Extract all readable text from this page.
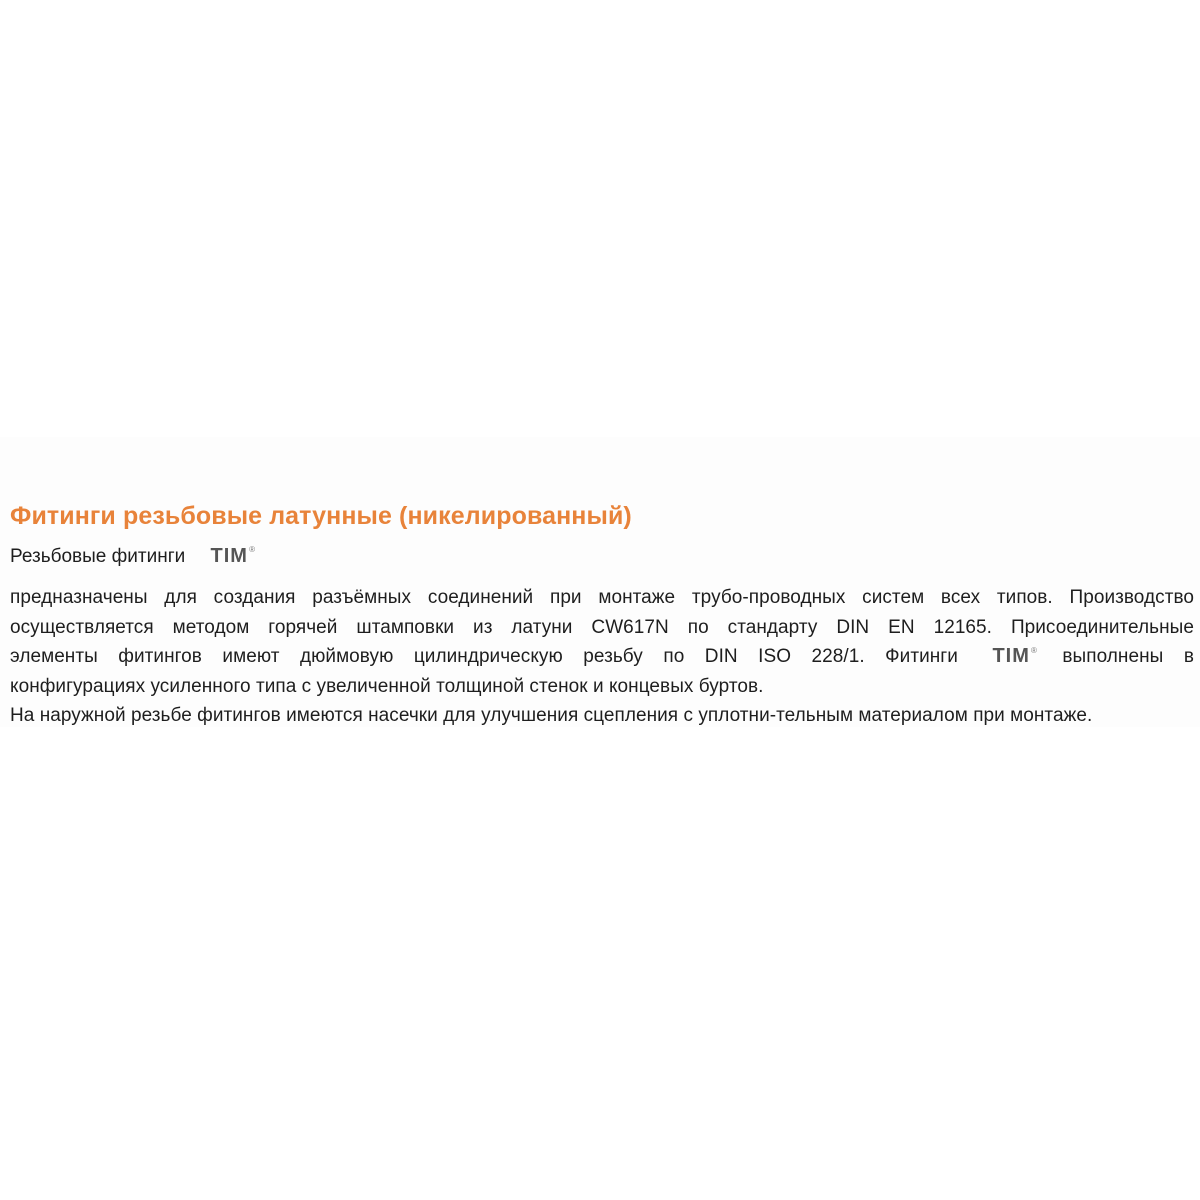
Фитинги резьбовые латунные (никелированный)
Резьбовые фитинги TIM ®
предназначены для создания разъёмных соединений при монтаже трубо-проводных систем всех типов. Производство
осуществляется методом горячей штамповки из латуни CW617N по стандарту DIN EN 12165. Присоединительные
элементы фитингов имеют дюймовую цилиндрическую резьбу по DIN ISO 228/1. Фитинги TIM ® выполнены в
конфигурациях усиленного типа с увеличенной толщиной стенок и концевых буртов.
На наружной резьбе фитингов имеются насечки для улучшения сцепления с уплотни-тельным материалом при монтаже.
